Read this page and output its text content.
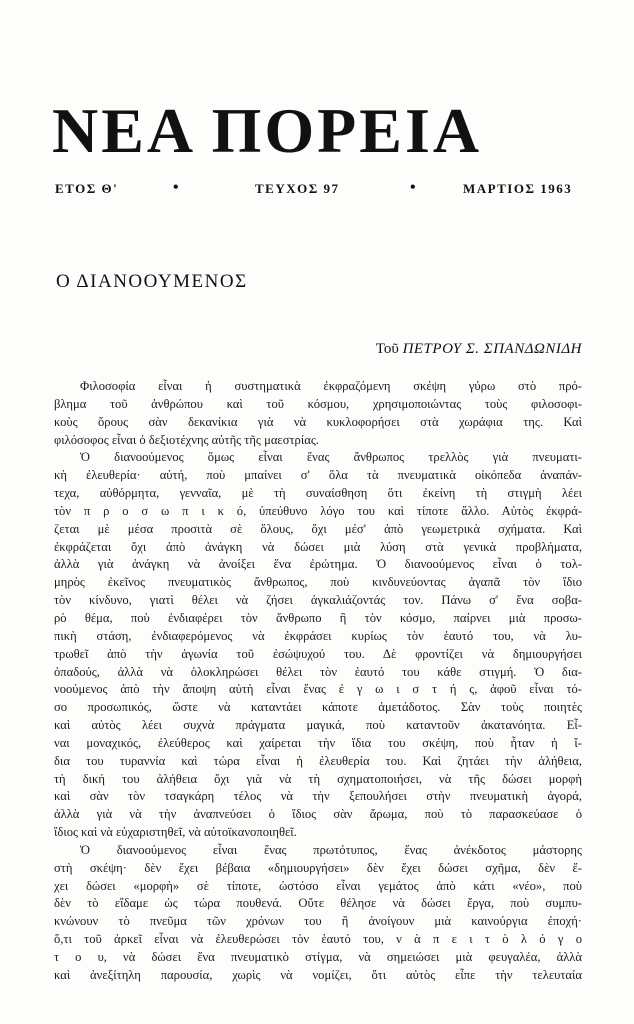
ΝΕΑ ΠΟΡΕΙΑ
ΕΤΟΣ Θ'	•	ΤΕΥΧΟΣ 97	•	ΜΑΡΤΙΟΣ 1963
Ο ΔΙΑΝΟΟΥΜΕΝΟΣ
Τοῦ ΠΕΤΡΟΥ Σ. ΣΠΑΝΔΩΝΙΔΗ
Φιλοσοφία εἶναι ἡ συστηματικὰ ἐκφραζόμενη σκέψη γύρω στὸ πρό-
βλημα τοῦ ἀνθρώπου καὶ τοῦ κόσμου, χρησιμοποιώντας τοὺς φιλοσοφι-
κοὺς ὅρους σὰν δεκανίκια γιὰ νὰ κυκλοφορήσει στὰ χωράφια της. Καὶ
φιλόσοφος εἶναι ὁ δεξιοτέχνης αὐτῆς τῆς μαεστρίας.
Ὁ διανοούμενος ὅμως εἶναι ἕνας ἄνθρωπος τρελλὸς γιὰ πνευματι-
κὴ ἐλευθερία· αὐτή, ποὺ μπαίνει σ' ὅλα τὰ πνευματικὰ οἰκόπεδα ἀναπάν-
τεχα, αὐθόρμητα, γενναῖα, μὲ τὴ συναίσθηση ὅτι ἐκείνη τὴ στιγμὴ λέει
τὸν π ρ ο σ ω π ι κ ό, ὑπεύθυνο λόγο του καὶ τίποτε ἄλλο. Αὐτὸς ἐκφρά-
ζεται μὲ μέσα προσιτὰ σὲ ὅλους, ὄχι μέσ' ἀπὸ γεωμετρικὰ σχήματα. Καὶ
ἐκφράζεται ὄχι ἀπὸ ἀνάγκη νὰ δώσει μιὰ λύση στὰ γενικὰ προβλήματα,
ἀλλὰ γιὰ ἀνάγκη νὰ ἀνοίξει ἕνα ἐρώτημα. Ὁ διανοούμενος εἶναι ὁ τολ-
μηρὸς ἐκεῖνος πνευματικὸς ἄνθρωπος, ποὺ κινδυνεύοντας ἀγαπᾶ τὸν ἴδιο
τὸν κίνδυνο, γιατὶ θέλει νὰ ζήσει ἀγκαλιάζοντάς τον. Πάνω σ' ἕνα σοβα-
ρὸ θέμα, ποὺ ἐνδιαφέρει τὸν ἄνθρωπο ἢ τὸν κόσμο, παίρνει μιὰ προσω-
πικὴ στάση, ἐνδιαφερόμενος νὰ ἐκφράσει κυρίως τὸν ἑαυτό του, νὰ λυ-
τρωθεῖ ἀπὸ τὴν ἀγωνία τοῦ ἐσώψυχού του. Δὲ φροντίζει νὰ δημιουργήσει
ὀπαδούς, ἀλλὰ νὰ ὁλοκληρώσει θέλει τὸν ἑαυτό του κάθε στιγμή. Ὁ δια-
νοούμενος ἀπὸ τὴν ἄποψη αὐτὴ εἶναι ἕνας ἐ γ ω ι σ τ ή ς, ἀφοῦ εἶναι τό-
σο προσωπικός, ὥστε νὰ καταντάει κάποτε ἀμετάδοτος. Σὰν τοὺς ποιητὲς
καὶ αὐτὸς λέει συχνὰ πράγματα μαγικά, ποὺ καταντοῦν ἀκατανόητα. Εἶ-
ναι μοναχικός, ἐλεύθερος καὶ χαίρεται τὴν ἴδια του σκέψη, ποὺ ἦταν ἡ ἴ-
δια του τυραννία καὶ τώρα εἶναι ἡ ἐλευθερία του. Καὶ ζητάει τὴν ἀλήθεια,
τὴ δική του ἀλήθεια ὄχι γιὰ νὰ τὴ σχηματοποιήσει, νὰ τῆς δώσει μορφὴ
καὶ σὰν τὸν τσαγκάρη τέλος νὰ τὴν ξεπουλήσει στὴν πνευματικὴ ἀγορά,
ἀλλὰ γιὰ νὰ τὴν ἀναπνεύσει ὁ ἴδιος σὰν ἄρωμα, ποὺ τὸ παρασκεύασε ὁ
ἴδιος καὶ νὰ εὐχαριστηθεῖ, νὰ αὐτοϊκανοποιηθεῖ.
Ὁ διανοούμενος εἶναι ἕνας πρωτότυπος, ἕνας ἀνέκδοτος μάστορης
στὴ σκέψη· δὲν ἔχει βέβαια «δημιουργήσει» δὲν ἔχει δώσει σχῆμα, δὲν ἔ-
χει δώσει «μορφὴ» σὲ τίποτε, ὡστόσο εἶναι γεμάτος ἀπὸ κάτι «νέο», ποὺ
δὲν τὸ εἴδαμε ὡς τώρα πουθενά. Οὔτε θέλησε νὰ δώσει ἔργα, ποὺ συμπυ-
κνώνουν τὸ πνεῦμα τῶν χρόνων του ἢ ἀνοίγουν μιὰ καινούργια ἐποχή·
ὅ,τι τοῦ ἀρκεῖ εἶναι νὰ ἐλευθερώσει τὸν ἑαυτό του, ν ὰ π ε ι τ ὸ λ ό γ ο
τ ο υ, νὰ δώσει ἕνα πνευματικὸ στίγμα, νὰ σημειώσει μιὰ φευγαλέα, ἀλλὰ
καὶ ἀνεξίτηλη παρουσία, χωρὶς νὰ νομίζει, ὅτι αὐτὸς εἶπε τὴν τελευταία
